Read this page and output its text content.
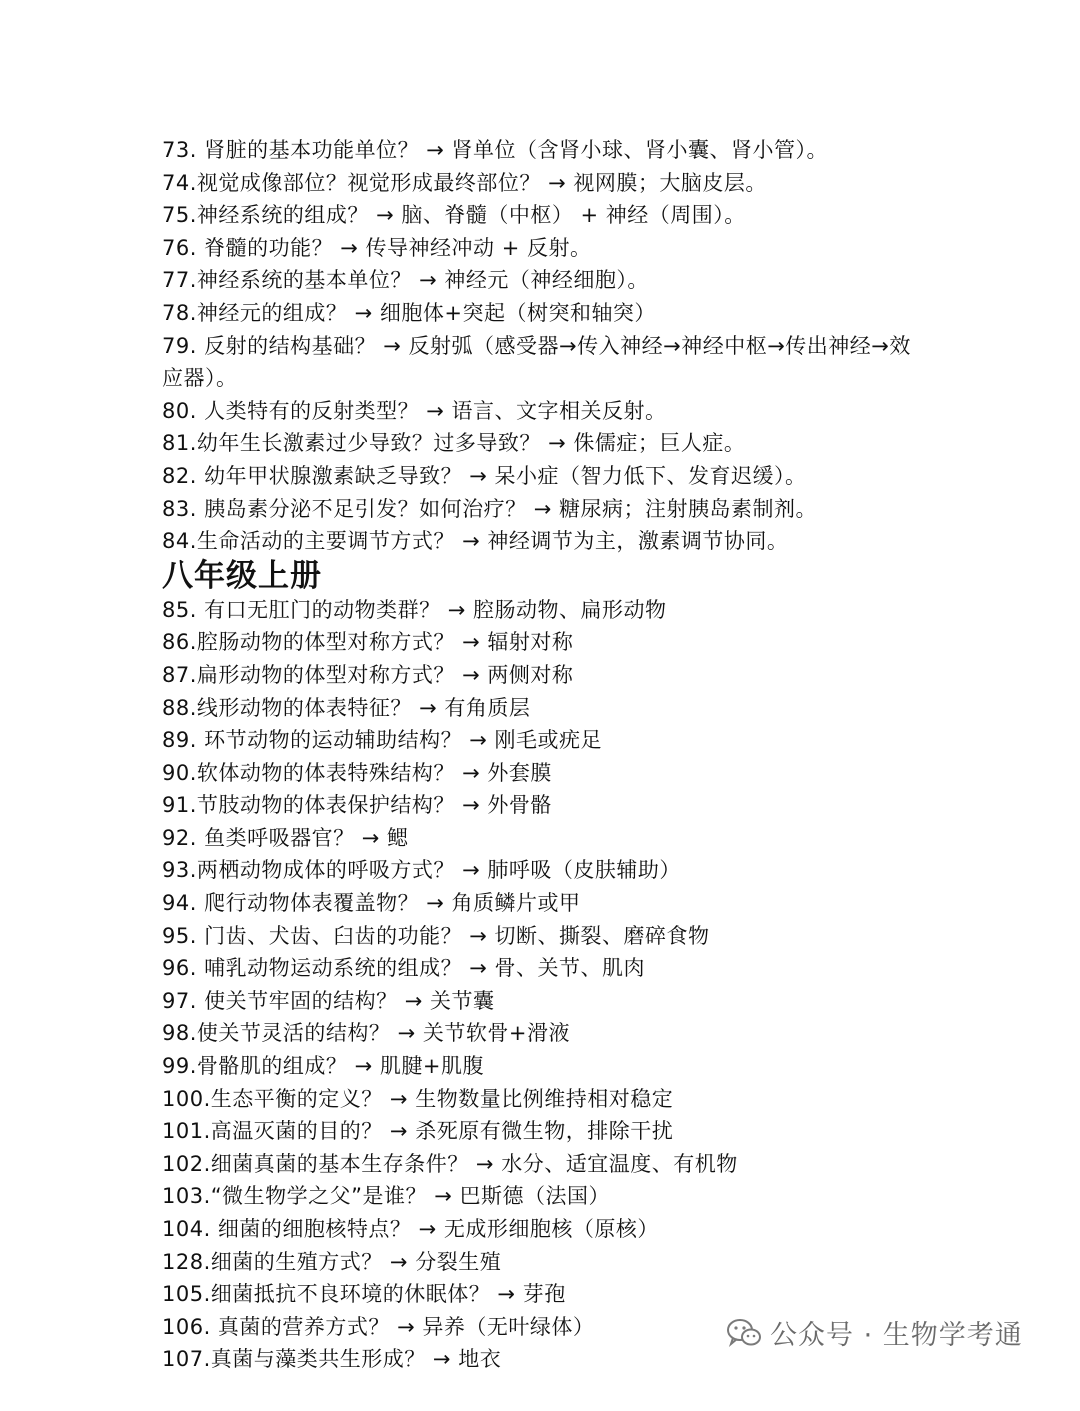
73. 肾脏的基本功能单位？ → 肾单位（含肾小球、肾小囊、肾小管）。
74.视觉成像部位？视觉形成最终部位？ → 视网膜；大脑皮层。
75.神经系统的组成？ → 脑、脊髓（中枢） + 神经（周围）。
76. 脊髓的功能？ → 传导神经冲动 + 反射。
77.神经系统的基本单位？ → 神经元（神经细胞）。
78.神经元的组成？ → 细胞体+突起（树突和轴突）
79. 反射的结构基础？ → 反射弧（感受器→传入神经→神经中枢→传出神经→效应器）。
80. 人类特有的反射类型？ → 语言、文字相关反射。
81.幼年生长激素过少导致？过多导致？ → 侏儒症；巨人症。
82. 幼年甲状腺激素缺乏导致？ → 呆小症（智力低下、发育迟缓）。
83. 胰岛素分泌不足引发？如何治疗？ → 糖尿病；注射胰岛素制剂。
84.生命活动的主要调节方式？ → 神经调节为主，激素调节协同。
八年级上册
85. 有口无肛门的动物类群？ → 腔肠动物、扁形动物
86.腔肠动物的体型对称方式？ → 辐射对称
87.扁形动物的体型对称方式？ → 两侧对称
88.线形动物的体表特征？ → 有角质层
89. 环节动物的运动辅助结构？ → 刚毛或疣足
90.软体动物的体表特殊结构？ → 外套膜
91.节肢动物的体表保护结构？ → 外骨骼
92. 鱼类呼吸器官？ → 鳃
93.两栖动物成体的呼吸方式？ → 肺呼吸（皮肤辅助）
94. 爬行动物体表覆盖物？ → 角质鳞片或甲
95. 门齿、犬齿、臼齿的功能？ → 切断、撕裂、磨碎食物
96. 哺乳动物运动系统的组成？ → 骨、关节、肌肉
97. 使关节牢固的结构？ → 关节囊
98.使关节灵活的结构？ → 关节软骨+滑液
99.骨骼肌的组成？ → 肌腱+肌腹
100.生态平衡的定义？ → 生物数量比例维持相对稳定
101.高温灭菌的目的？ → 杀死原有微生物，排除干扰
102.细菌真菌的基本生存条件？ → 水分、适宜温度、有机物
103.“微生物学之父”是谁？ → 巴斯德（法国）
104. 细菌的细胞核特点？ → 无成形细胞核（原核）
128.细菌的生殖方式？ → 分裂生殖
105.细菌抵抗不良环境的休眠体？ → 芽孢
106. 真菌的营养方式？ → 异养（无叶绿体）
107.真菌与藻类共生形成？ → 地衣
公众号 · 生物学考通
